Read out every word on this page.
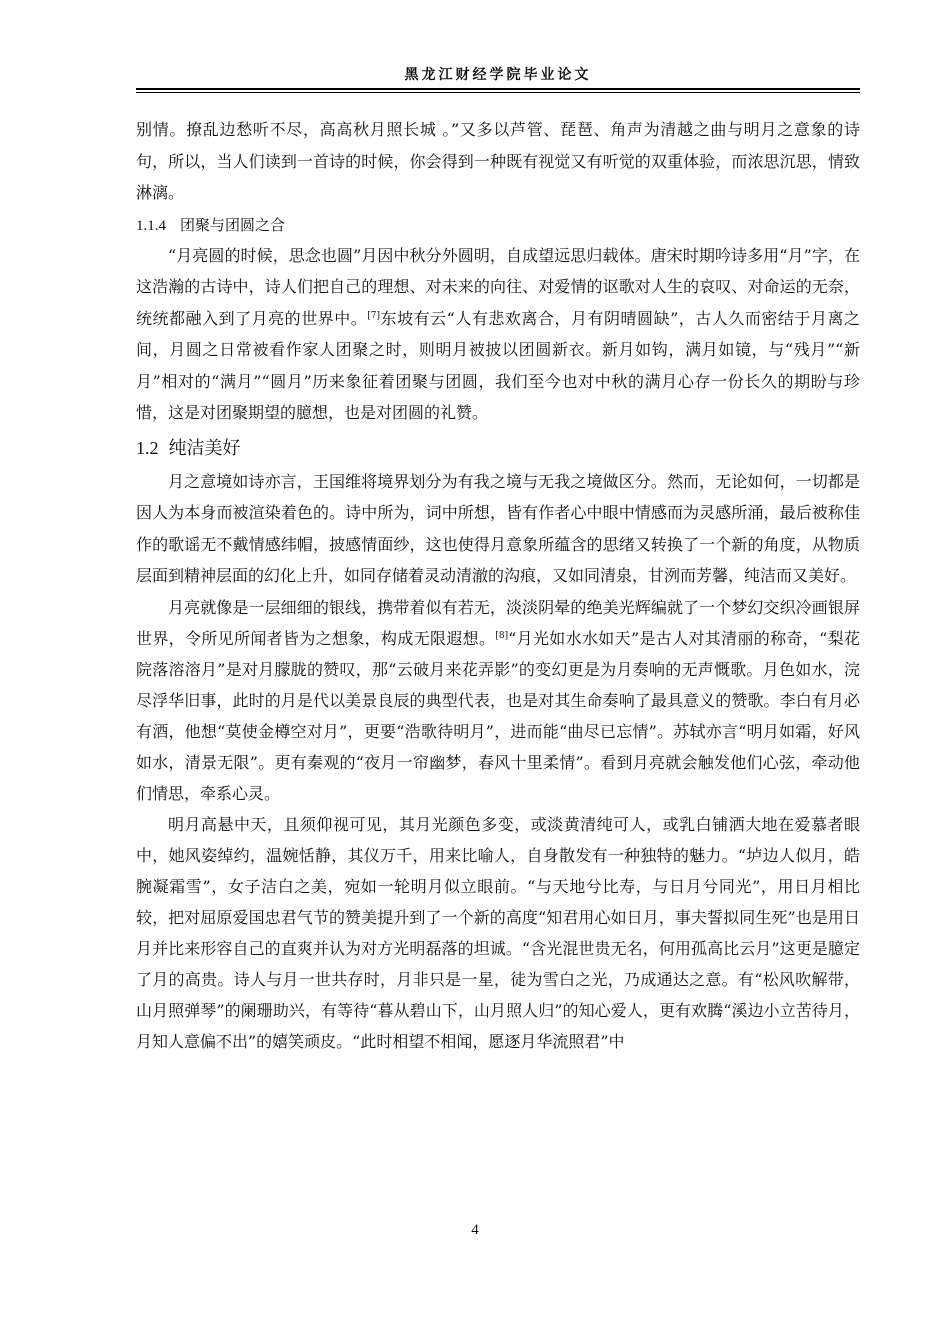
黑龙江财经学院毕业论文

别情。撩乱边愁听不尽，高高秋月照长城 。”又多以芦管、琵琶、角声为清越之曲与明月之意象的诗句，所以，当人们读到一首诗的时候，你会得到一种既有视觉又有听觉的双重体验，而浓思沉思，情致淋漓。

1.1.4 团聚与团圆之合

“月亮圆的时候，思念也圆”月因中秋分外圆明，自成望远思归载体。唐宋时期吟诗多用“月”字，在这浩瀚的古诗中，诗人们把自己的理想、对未来的向往、对爱情的讴歌对人生的哀叹、对命运的无奈，统统都融入到了月亮的世界中。[7]东坡有云“人有悲欢离合，月有阴晴圆缺”，古人久而密结于月离之间，月圆之日常被看作家人团聚之时，则明月被披以团圆新衣。新月如钩，满月如镜，与“残月”“新月”相对的“满月”“圆月”历来象征着团聚与团圆，我们至今也对中秋的满月心存一份长久的期盼与珍惜，这是对团聚期望的臆想，也是对团圆的礼赞。

1.2 纯洁美好

月之意境如诗亦言，王国维将境界划分为有我之境与无我之境做区分。然而，无论如何，一切都是因人为本身而被渲染着色的。诗中所为，词中所想，皆有作者心中眼中情感而为灵感所涌，最后被称佳作的歌谣无不戴情感纬帽，披感情面纱，这也使得月意象所蕴含的思绪又转换了一个新的角度，从物质层面到精神层面的幻化上升，如同存储着灵动清澈的沟痕，又如同清泉，甘洌而芳馨，纯洁而又美好。

月亮就像是一层细细的银线，携带着似有若无，淡淡阴晕的绝美光辉编就了一个梦幻交织冷画银屏世界，令所见所闻者皆为之想象，构成无限遐想。[8]“月光如水水如天”是古人对其清丽的称奇，“梨花院落溶溶月”是对月朦胧的赞叹，那“云破月来花弄影”的变幻更是为月奏响的无声慨歌。月色如水，浣尽浮华旧事，此时的月是代以美景良辰的典型代表，也是对其生命奏响了最具意义的赞歌。李白有月必有酒，他想“莫使金樽空对月”，更要“浩歌待明月”，进而能“曲尽已忘情”。苏轼亦言“明月如霜，好风如水，清景无限”。更有秦观的“夜月一帘幽梦，春风十里柔情”。看到月亮就会触发他们心弦，牵动他们情思，牵系心灵。

明月高悬中天，且须仰视可见，其月光颜色多变，或淡黄清纯可人，或乳白铺洒大地在爱慕者眼中，她风姿绰约，温婉恬静，其仪万千，用来比喻人，自身散发有一种独特的魅力。“垆边人似月，皓腕凝霜雪”，女子洁白之美，宛如一轮明月似立眼前。“与天地兮比寿，与日月兮同光”，用日月相比较，把对屈原爱国忠君气节的赞美提升到了一个新的高度“知君用心如日月，事夫誓拟同生死”也是用日月并比来形容自己的直爽并认为对方光明磊落的坦诚。“含光混世贵无名，何用孤高比云月”这更是臆定了月的高贵。诗人与月一世共存时，月非只是一星，徒为雪白之光，乃成通达之意。有“松风吹解带，山月照弹琴”的阑珊助兴，有等待“暮从碧山下，山月照人归”的知心爱人，更有欢腾“溪边小立苦待月，月知人意偏不出”的嬉笑顽皮。“此时相望不相闻，愿逐月华流照君”中

4
